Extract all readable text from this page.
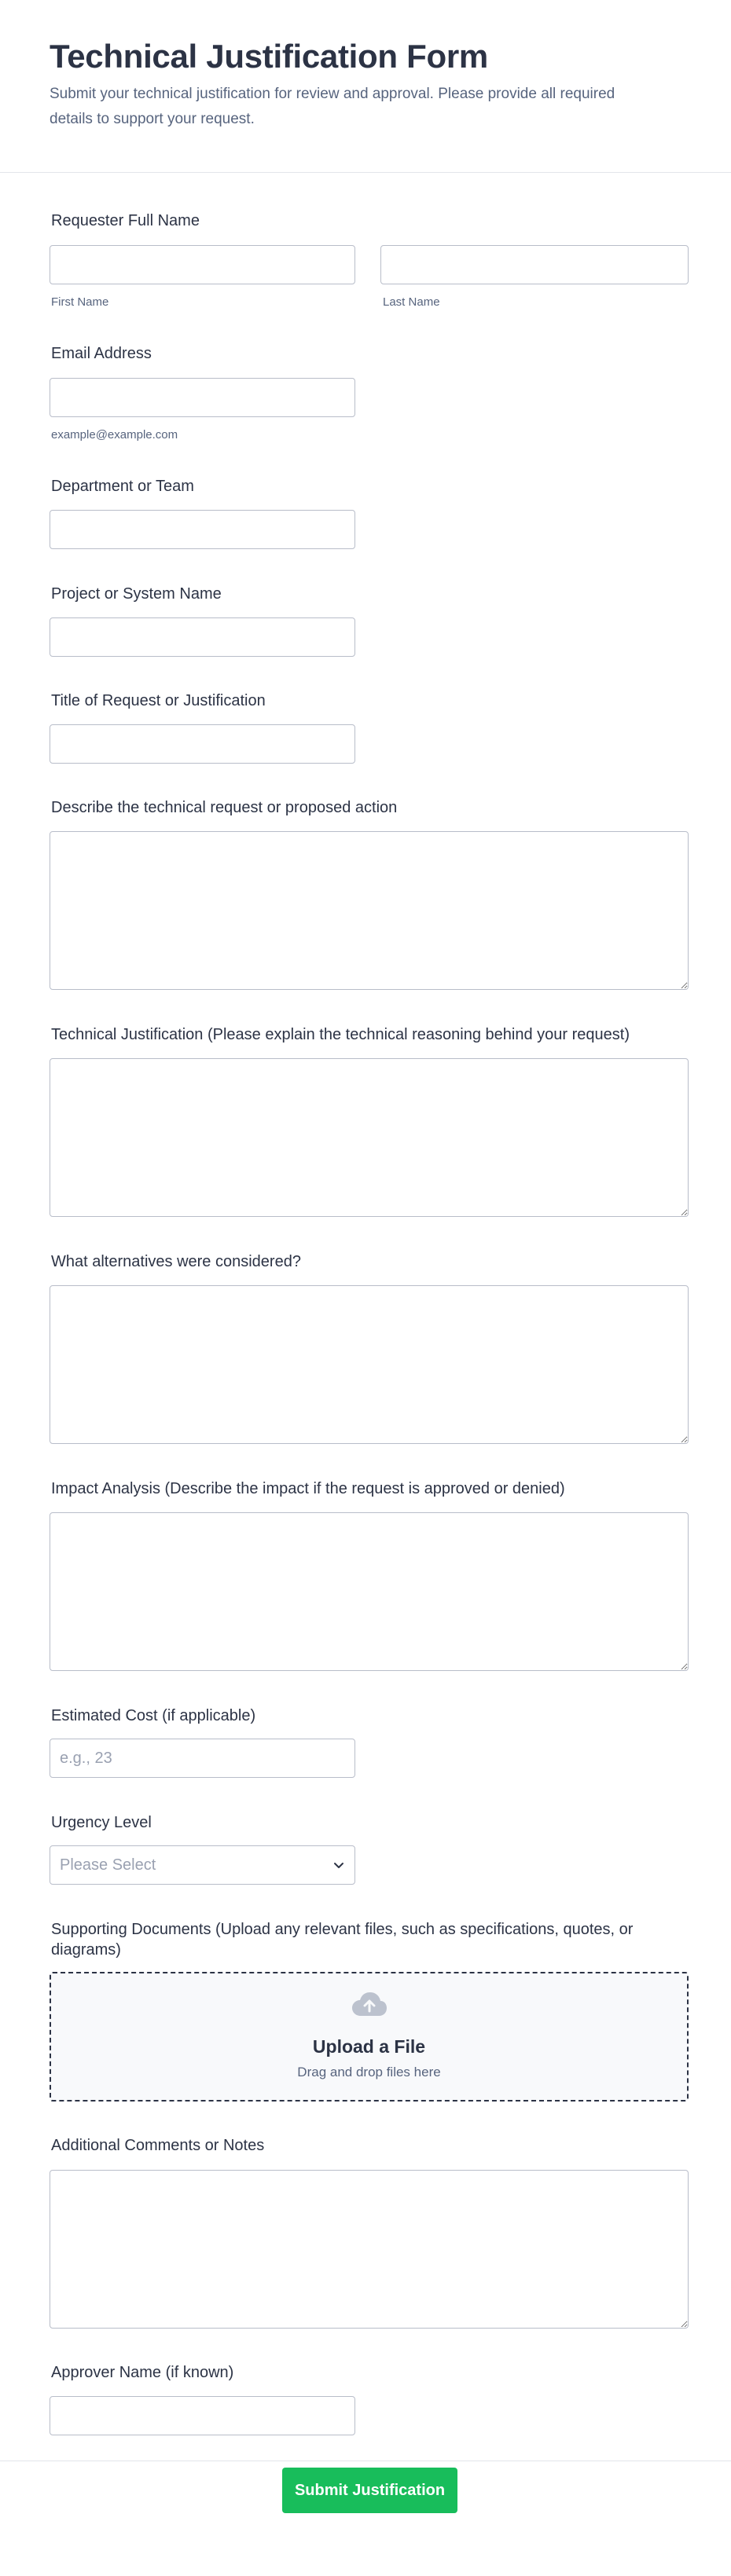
Technical Justification Form

Submit your technical justification for review and approval. Please provide all required details to support your request.

Requester Full Name
First Name	Last Name
Email Address
example@example.com
Department or Team
Project or System Name
Title of Request or Justification
Describe the technical request or proposed action
Technical Justification (Please explain the technical reasoning behind your request)
What alternatives were considered?
Impact Analysis (Describe the impact if the request is approved or denied)
Estimated Cost (if applicable)
e.g., 23
Urgency Level
Please Select
Supporting Documents (Upload any relevant files, such as specifications, quotes, or diagrams)
Upload a File
Drag and drop files here
Additional Comments or Notes
Approver Name (if known)
Submit Justification
